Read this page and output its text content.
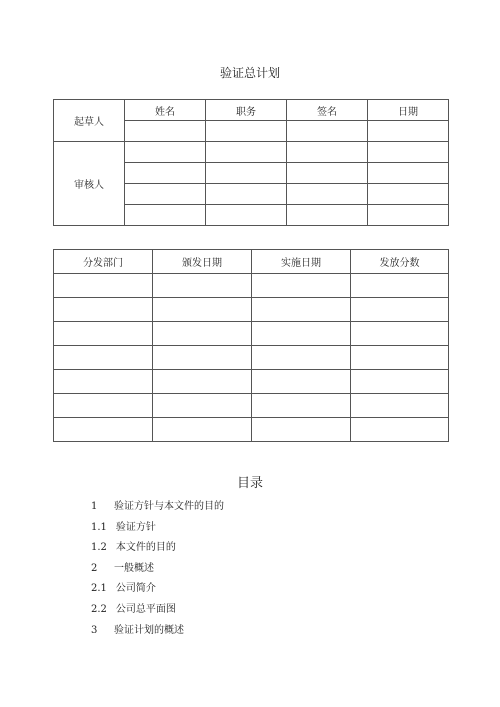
验证总计划
起草人	姓名	职务	签名	日期

审核人				

分发部门	颁发日期	实施日期	发放分数

目录
1 验证方针与本文件的目的
1.1 验证方针
1.2 本文件的目的
2 一般概述
2.1 公司简介
2.2 公司总平面图
3 验证计划的概述
